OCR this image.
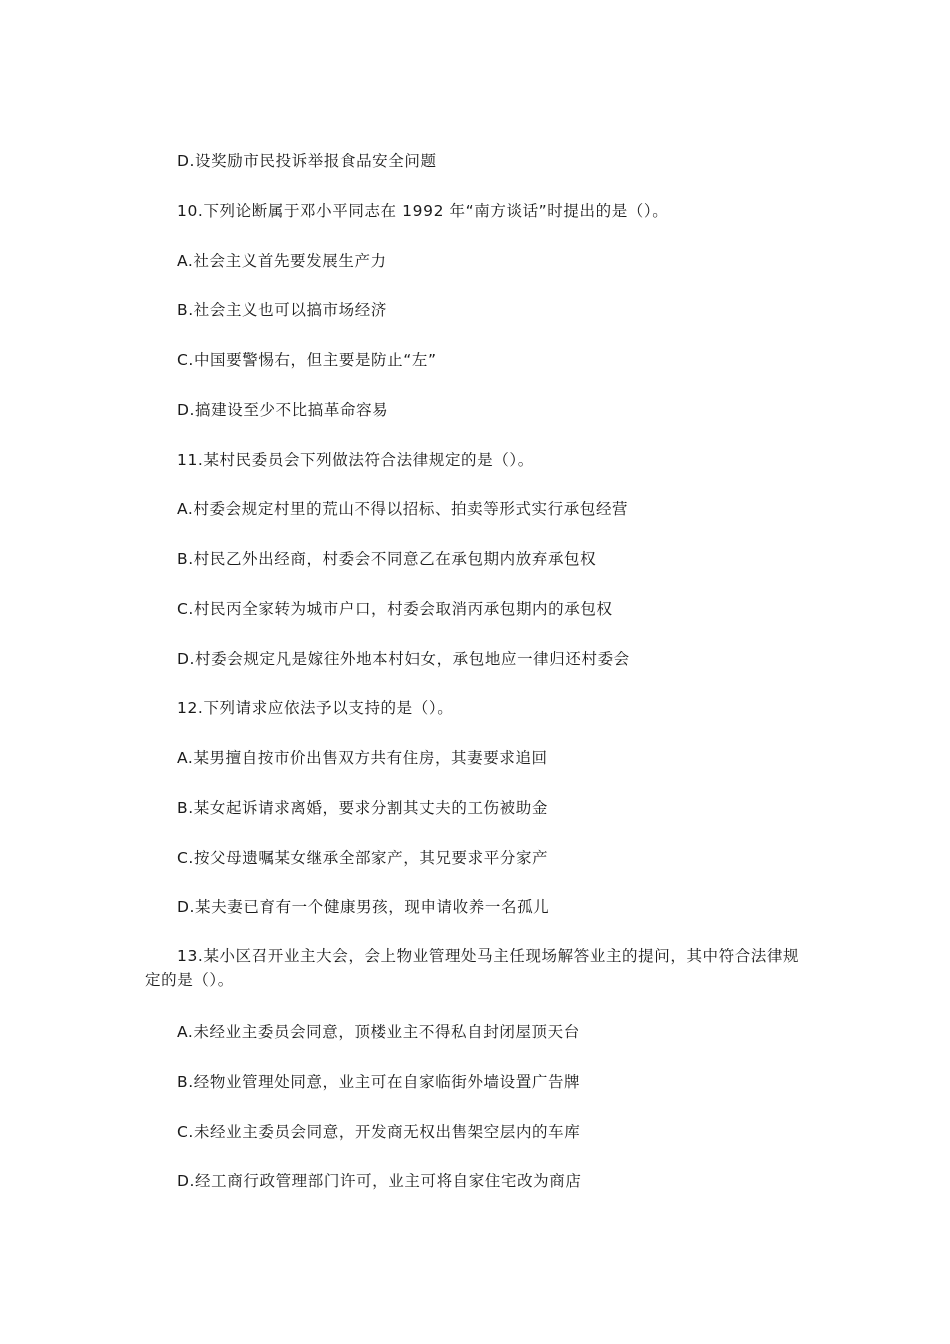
D.设奖励市民投诉举报食品安全问题
10.下列论断属于邓小平同志在 1992 年“南方谈话”时提出的是（）。
A.社会主义首先要发展生产力
B.社会主义也可以搞市场经济
C.中国要警惕右，但主要是防止“左”
D.搞建设至少不比搞革命容易
11.某村民委员会下列做法符合法律规定的是（）。
A.村委会规定村里的荒山不得以招标、拍卖等形式实行承包经营
B.村民乙外出经商，村委会不同意乙在承包期内放弃承包权
C.村民丙全家转为城市户口，村委会取消丙承包期内的承包权
D.村委会规定凡是嫁往外地本村妇女，承包地应一律归还村委会
12.下列请求应依法予以支持的是（）。
A.某男擅自按市价出售双方共有住房，其妻要求追回
B.某女起诉请求离婚，要求分割其丈夫的工伤被助金
C.按父母遗嘱某女继承全部家产，其兄要求平分家产
D.某夫妻已育有一个健康男孩，现申请收养一名孤儿
13.某小区召开业主大会，会上物业管理处马主任现场解答业主的提问，其中符合法律规定的是（）。
A.未经业主委员会同意，顶楼业主不得私自封闭屋顶天台
B.经物业管理处同意，业主可在自家临街外墙设置广告牌
C.未经业主委员会同意，开发商无权出售架空层内的车库
D.经工商行政管理部门许可，业主可将自家住宅改为商店
